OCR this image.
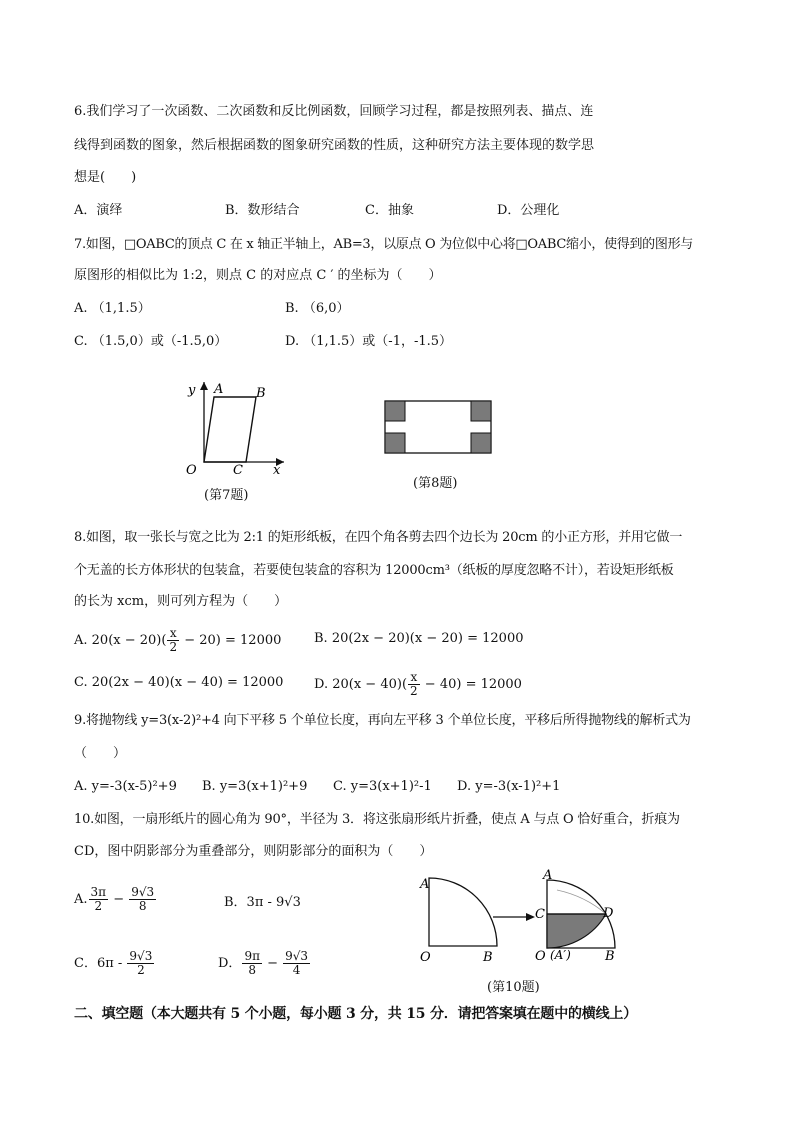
6.我们学习了一次函数、二次函数和反比例函数，回顾学习过程，都是按照列表、描点、连
线得到函数的图象，然后根据函数的图象研究函数的性质，这种研究方法主要体现的数学思
想是(　　)
A．演绎	B．数形结合	C．抽象	D．公理化
7.如图，□OABC的顶点 C 在 x 轴正半轴上，AB=3，以原点 O 为位似中心将□OABC缩小，使得到的图形与
原图形的相似比为 1:2，则点 C 的对应点 C ′ 的坐标为（　　）
A. （1,1.5）	B. （6,0）
C. （1.5,0）或（-1.5,0）	D. （1,1.5）或（-1，-1.5）
y A	B
O	C x
(第7题)
(第8题)
8.如图，取一张长与宽之比为 2:1 的矩形纸板，在四个角各剪去四个边长为 20cm 的小正方形，并用它做一
个无盖的长方体形状的包装盒，若要使包装盒的容积为 12000cm³（纸板的厚度忽略不计），若设矩形纸板
的长为 xcm，则可列方程为（　　）
A. $20(x - 20)( \frac{x}{2} - 20) = 12000$	B. 20(2x − 20)(x − 20) = 12000
C. 20(2x − 40)(x − 40) = 12000 D. $20(x - 40)( \frac{x}{2} - 40) = 12000$
9.将抛物线 y=3(x-2)²+4 向下平移 5 个单位长度，再向左平移 3 个单位长度，平移后所得抛物线的解析式为
（　　）
A. y=-3(x-5)²+9 B. y=3(x+1)²+9 C. y=3(x+1)²-1 D. y=-3(x-1)²+1
10.如图，一扇形纸片的圆心角为 90°，半径为 3．将这张扇形纸片折叠，使点 A 与点 O 恰好重合，折痕为
CD，图中阴影部分为重叠部分，则阴影部分的面积为（　　）
A. $\frac{3\pi}{2} - \frac{9√3}{8}$	B．3π - 9√3
C．$6\pi - \frac{9√3}{2}$	D． $\frac{9\pi}{8} - \frac{9√3}{4}$
A
O	B
A
C	D
O (A′)	B
(第10题)
二、填空题（本大题共有 5 个小题，每小题 3 分，共 15 分．请把答案填在题中的横线上）
